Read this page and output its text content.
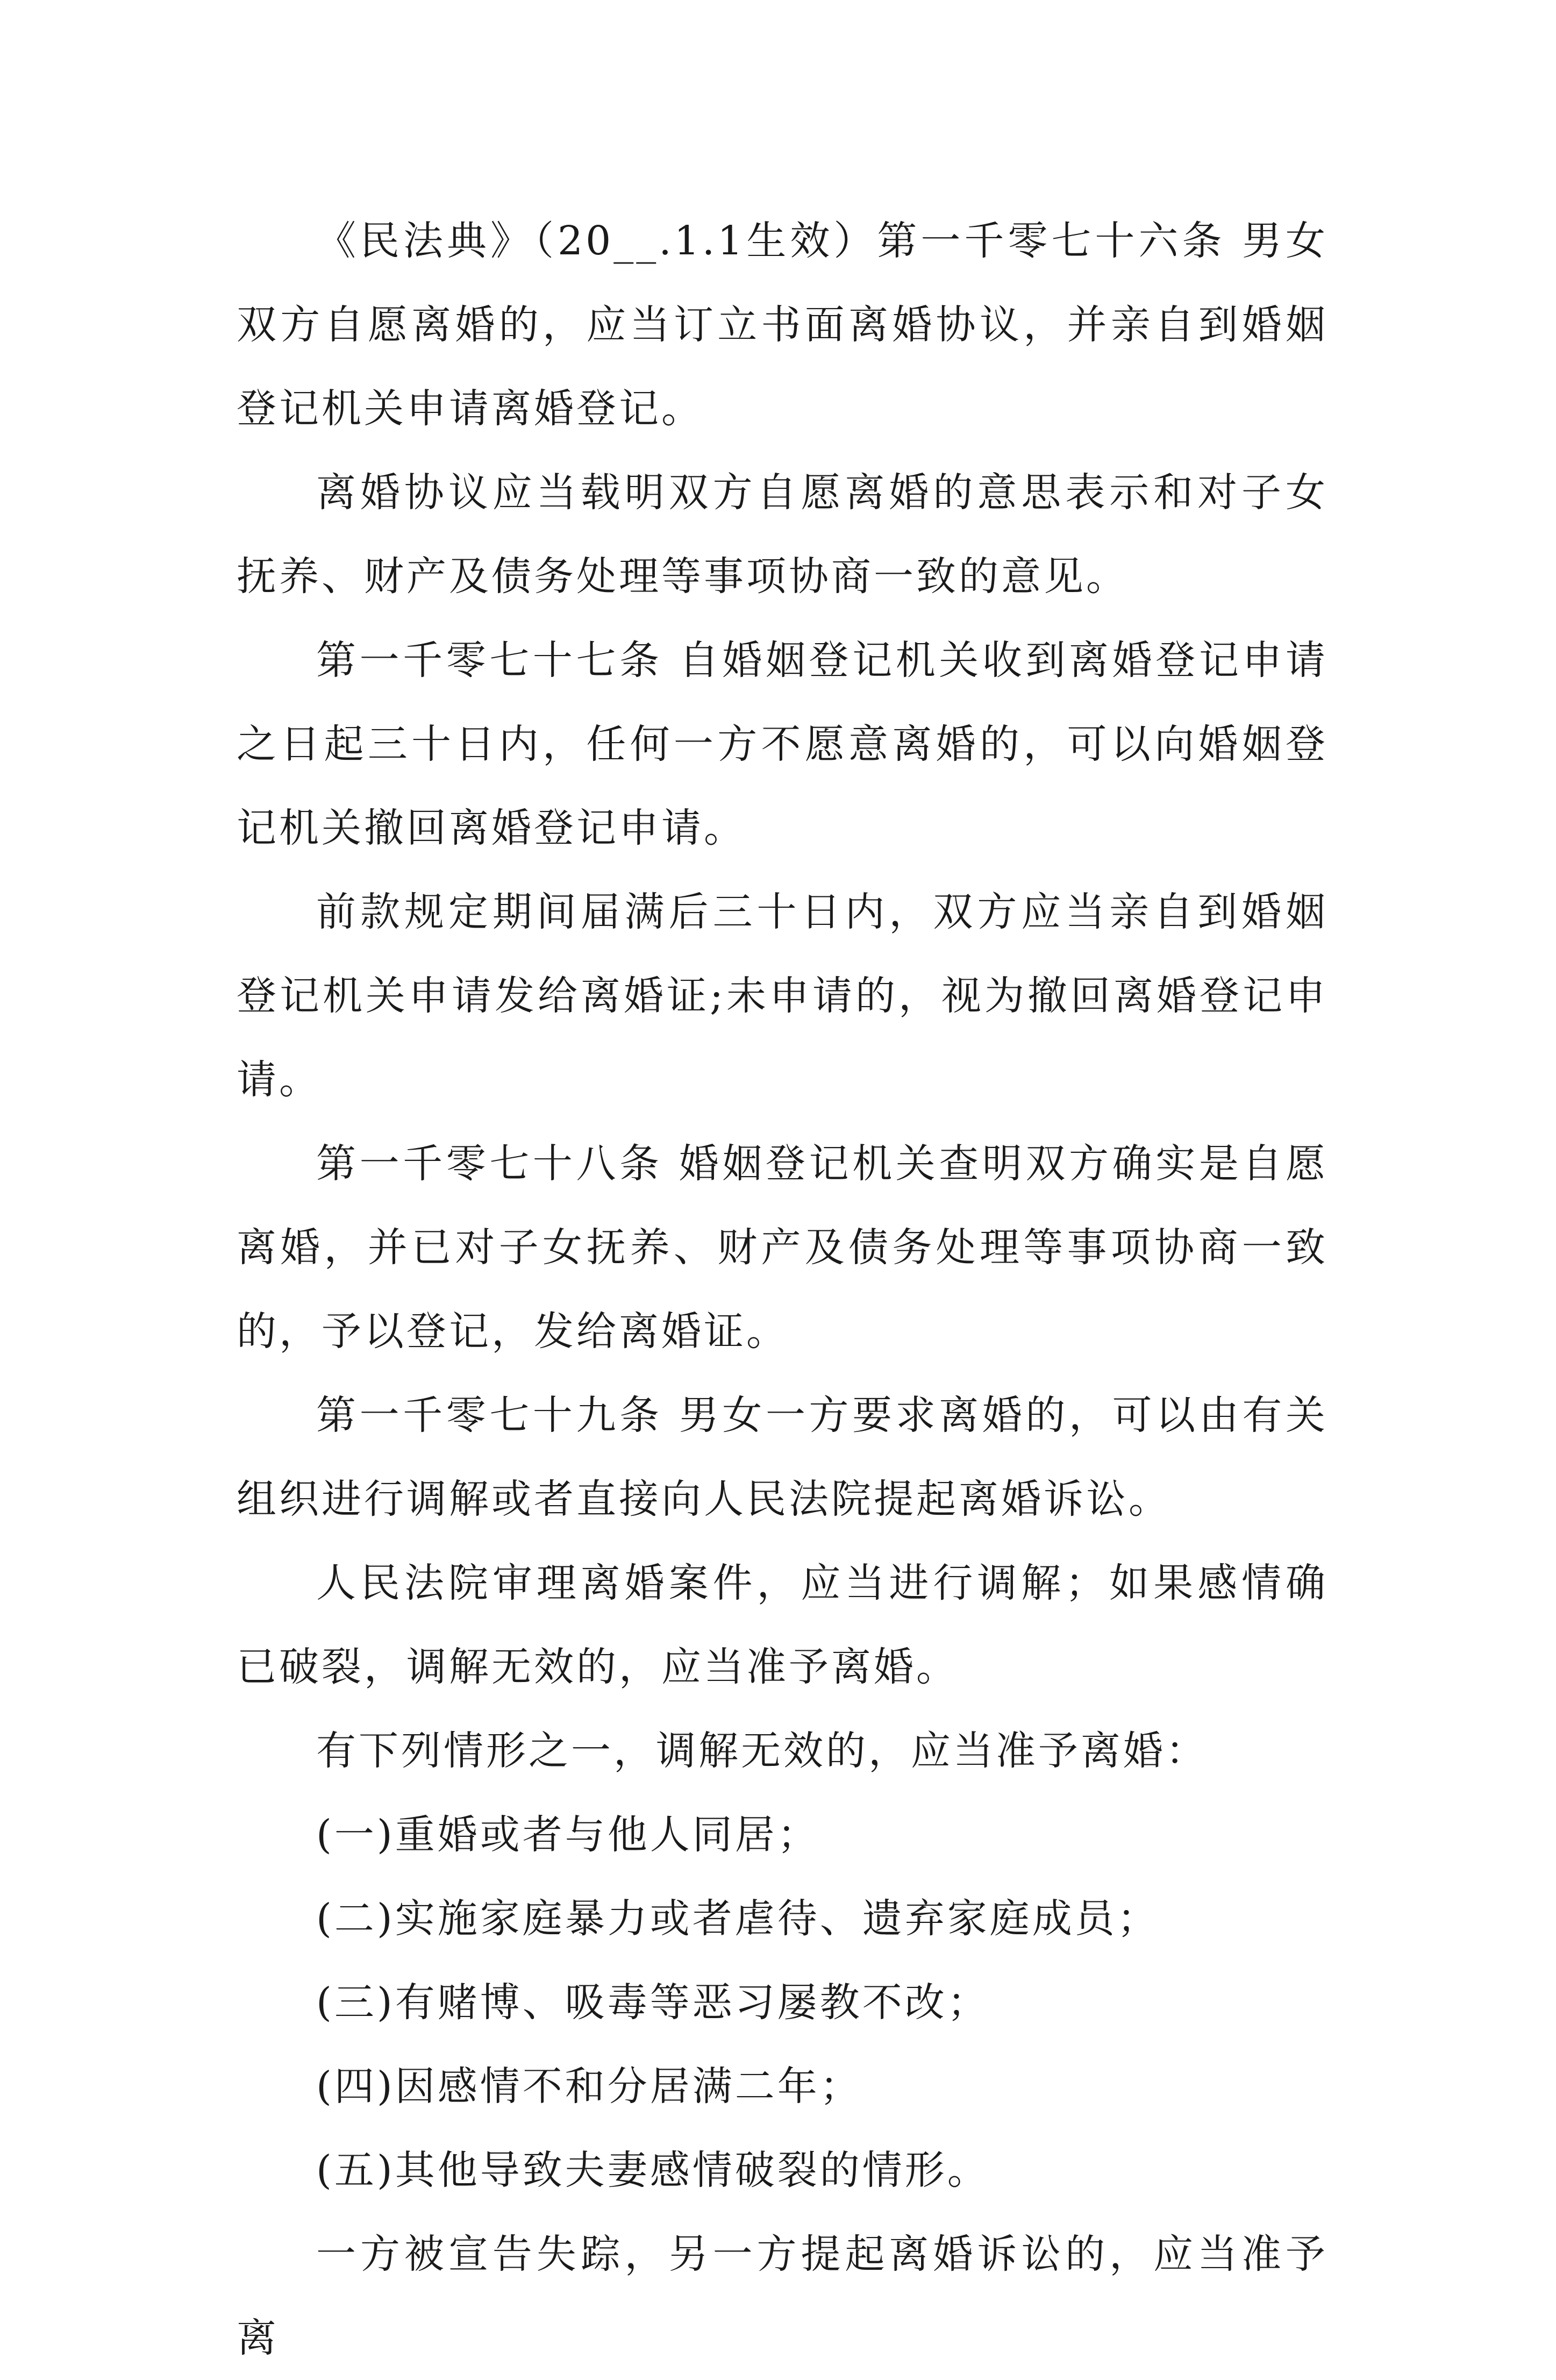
《民法典》（20__.1.1生效）第一千零七十六条 男女双方自愿离婚的，应当订立书面离婚协议，并亲自到婚姻登记机关申请离婚登记。

离婚协议应当载明双方自愿离婚的意思表示和对子女抚养、财产及债务处理等事项协商一致的意见。

第一千零七十七条 自婚姻登记机关收到离婚登记申请之日起三十日内，任何一方不愿意离婚的，可以向婚姻登记机关撤回离婚登记申请。

前款规定期间届满后三十日内，双方应当亲自到婚姻登记机关申请发给离婚证;未申请的，视为撤回离婚登记申请。

第一千零七十八条 婚姻登记机关查明双方确实是自愿离婚，并已对子女抚养、财产及债务处理等事项协商一致的，予以登记，发给离婚证。

第一千零七十九条 男女一方要求离婚的，可以由有关组织进行调解或者直接向人民法院提起离婚诉讼。

人民法院审理离婚案件，应当进行调解；如果感情确已破裂，调解无效的，应当准予离婚。

有下列情形之一，调解无效的，应当准予离婚：

(一)重婚或者与他人同居；

(二)实施家庭暴力或者虐待、遗弃家庭成员；

(三)有赌博、吸毒等恶习屡教不改；

(四)因感情不和分居满二年；

(五)其他导致夫妻感情破裂的情形。

一方被宣告失踪，另一方提起离婚诉讼的，应当准予离
